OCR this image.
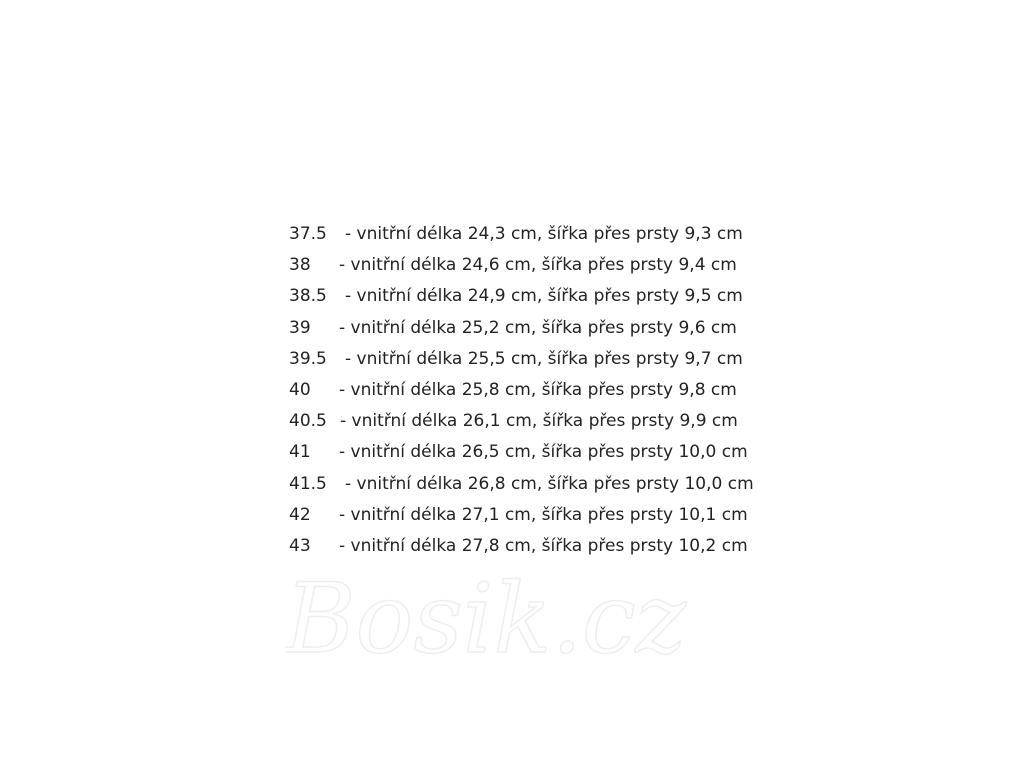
Bosik.cz
37.5 - vnitřní délka 24,3 cm, šířka přes prsty 9,3 cm
38 - vnitřní délka 24,6 cm, šířka přes prsty 9,4 cm
38.5 - vnitřní délka 24,9 cm, šířka přes prsty 9,5 cm
39 - vnitřní délka 25,2 cm, šířka přes prsty 9,6 cm
39.5 - vnitřní délka 25,5 cm, šířka přes prsty 9,7 cm
40 - vnitřní délka 25,8 cm, šířka přes prsty 9,8 cm
40.5 - vnitřní délka 26,1 cm, šířka přes prsty 9,9 cm
41 - vnitřní délka 26,5 cm, šířka přes prsty 10,0 cm
41.5 - vnitřní délka 26,8 cm, šířka přes prsty 10,0 cm
42 - vnitřní délka 27,1 cm, šířka přes prsty 10,1 cm
43 - vnitřní délka 27,8 cm, šířka přes prsty 10,2 cm
